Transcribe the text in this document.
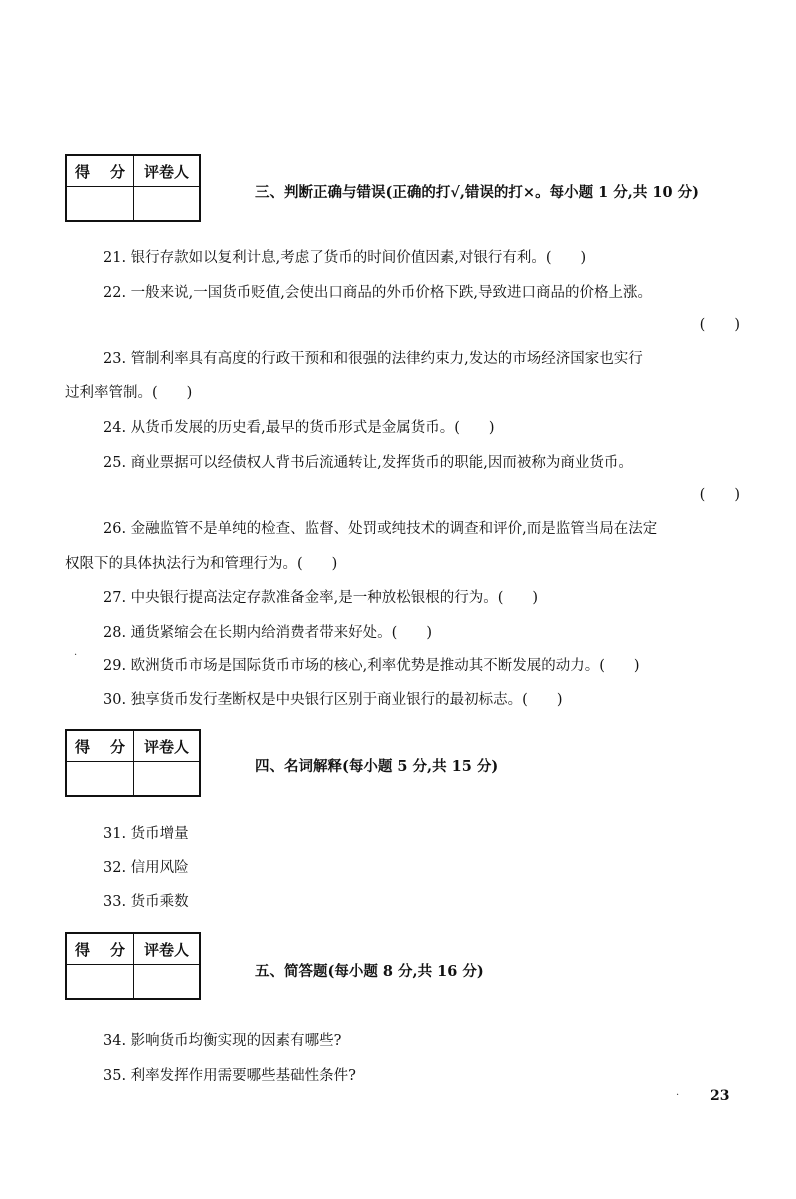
得 分	评卷人
三、判断正确与错误(正确的打√,错误的打×。每小题 1 分,共 10 分)
21. 银行存款如以复利计息,考虑了货币的时间价值因素,对银行有利。(　　)
22. 一般来说,一国货币贬值,会使出口商品的外币价格下跌,导致进口商品的价格上涨。
(　　)
23. 管制利率具有高度的行政干预和和很强的法律约束力,发达的市场经济国家也实行
过利率管制。(　　)
24. 从货币发展的历史看,最早的货币形式是金属货币。(　　)
25. 商业票据可以经债权人背书后流通转让,发挥货币的职能,因而被称为商业货币。
(　　)
26. 金融监管不是单纯的检查、监督、处罚或纯技术的调查和评价,而是监管当局在法定
权限下的具体执法行为和管理行为。(　　)
27. 中央银行提高法定存款准备金率,是一种放松银根的行为。(　　)
28. 通货紧缩会在长期内给消费者带来好处。(　　)
29. 欧洲货币市场是国际货币市场的核心,利率优势是推动其不断发展的动力。(　　)
30. 独享货币发行垄断权是中央银行区别于商业银行的最初标志。(　　)
得 分	评卷人
四、名词解释(每小题 5 分,共 15 分)
31. 货币增量
32. 信用风险
33. 货币乘数
得 分	评卷人
五、简答题(每小题 8 分,共 16 分)
34. 影响货币均衡实现的因素有哪些?
35. 利率发挥作用需要哪些基础性条件?
·
· 23
